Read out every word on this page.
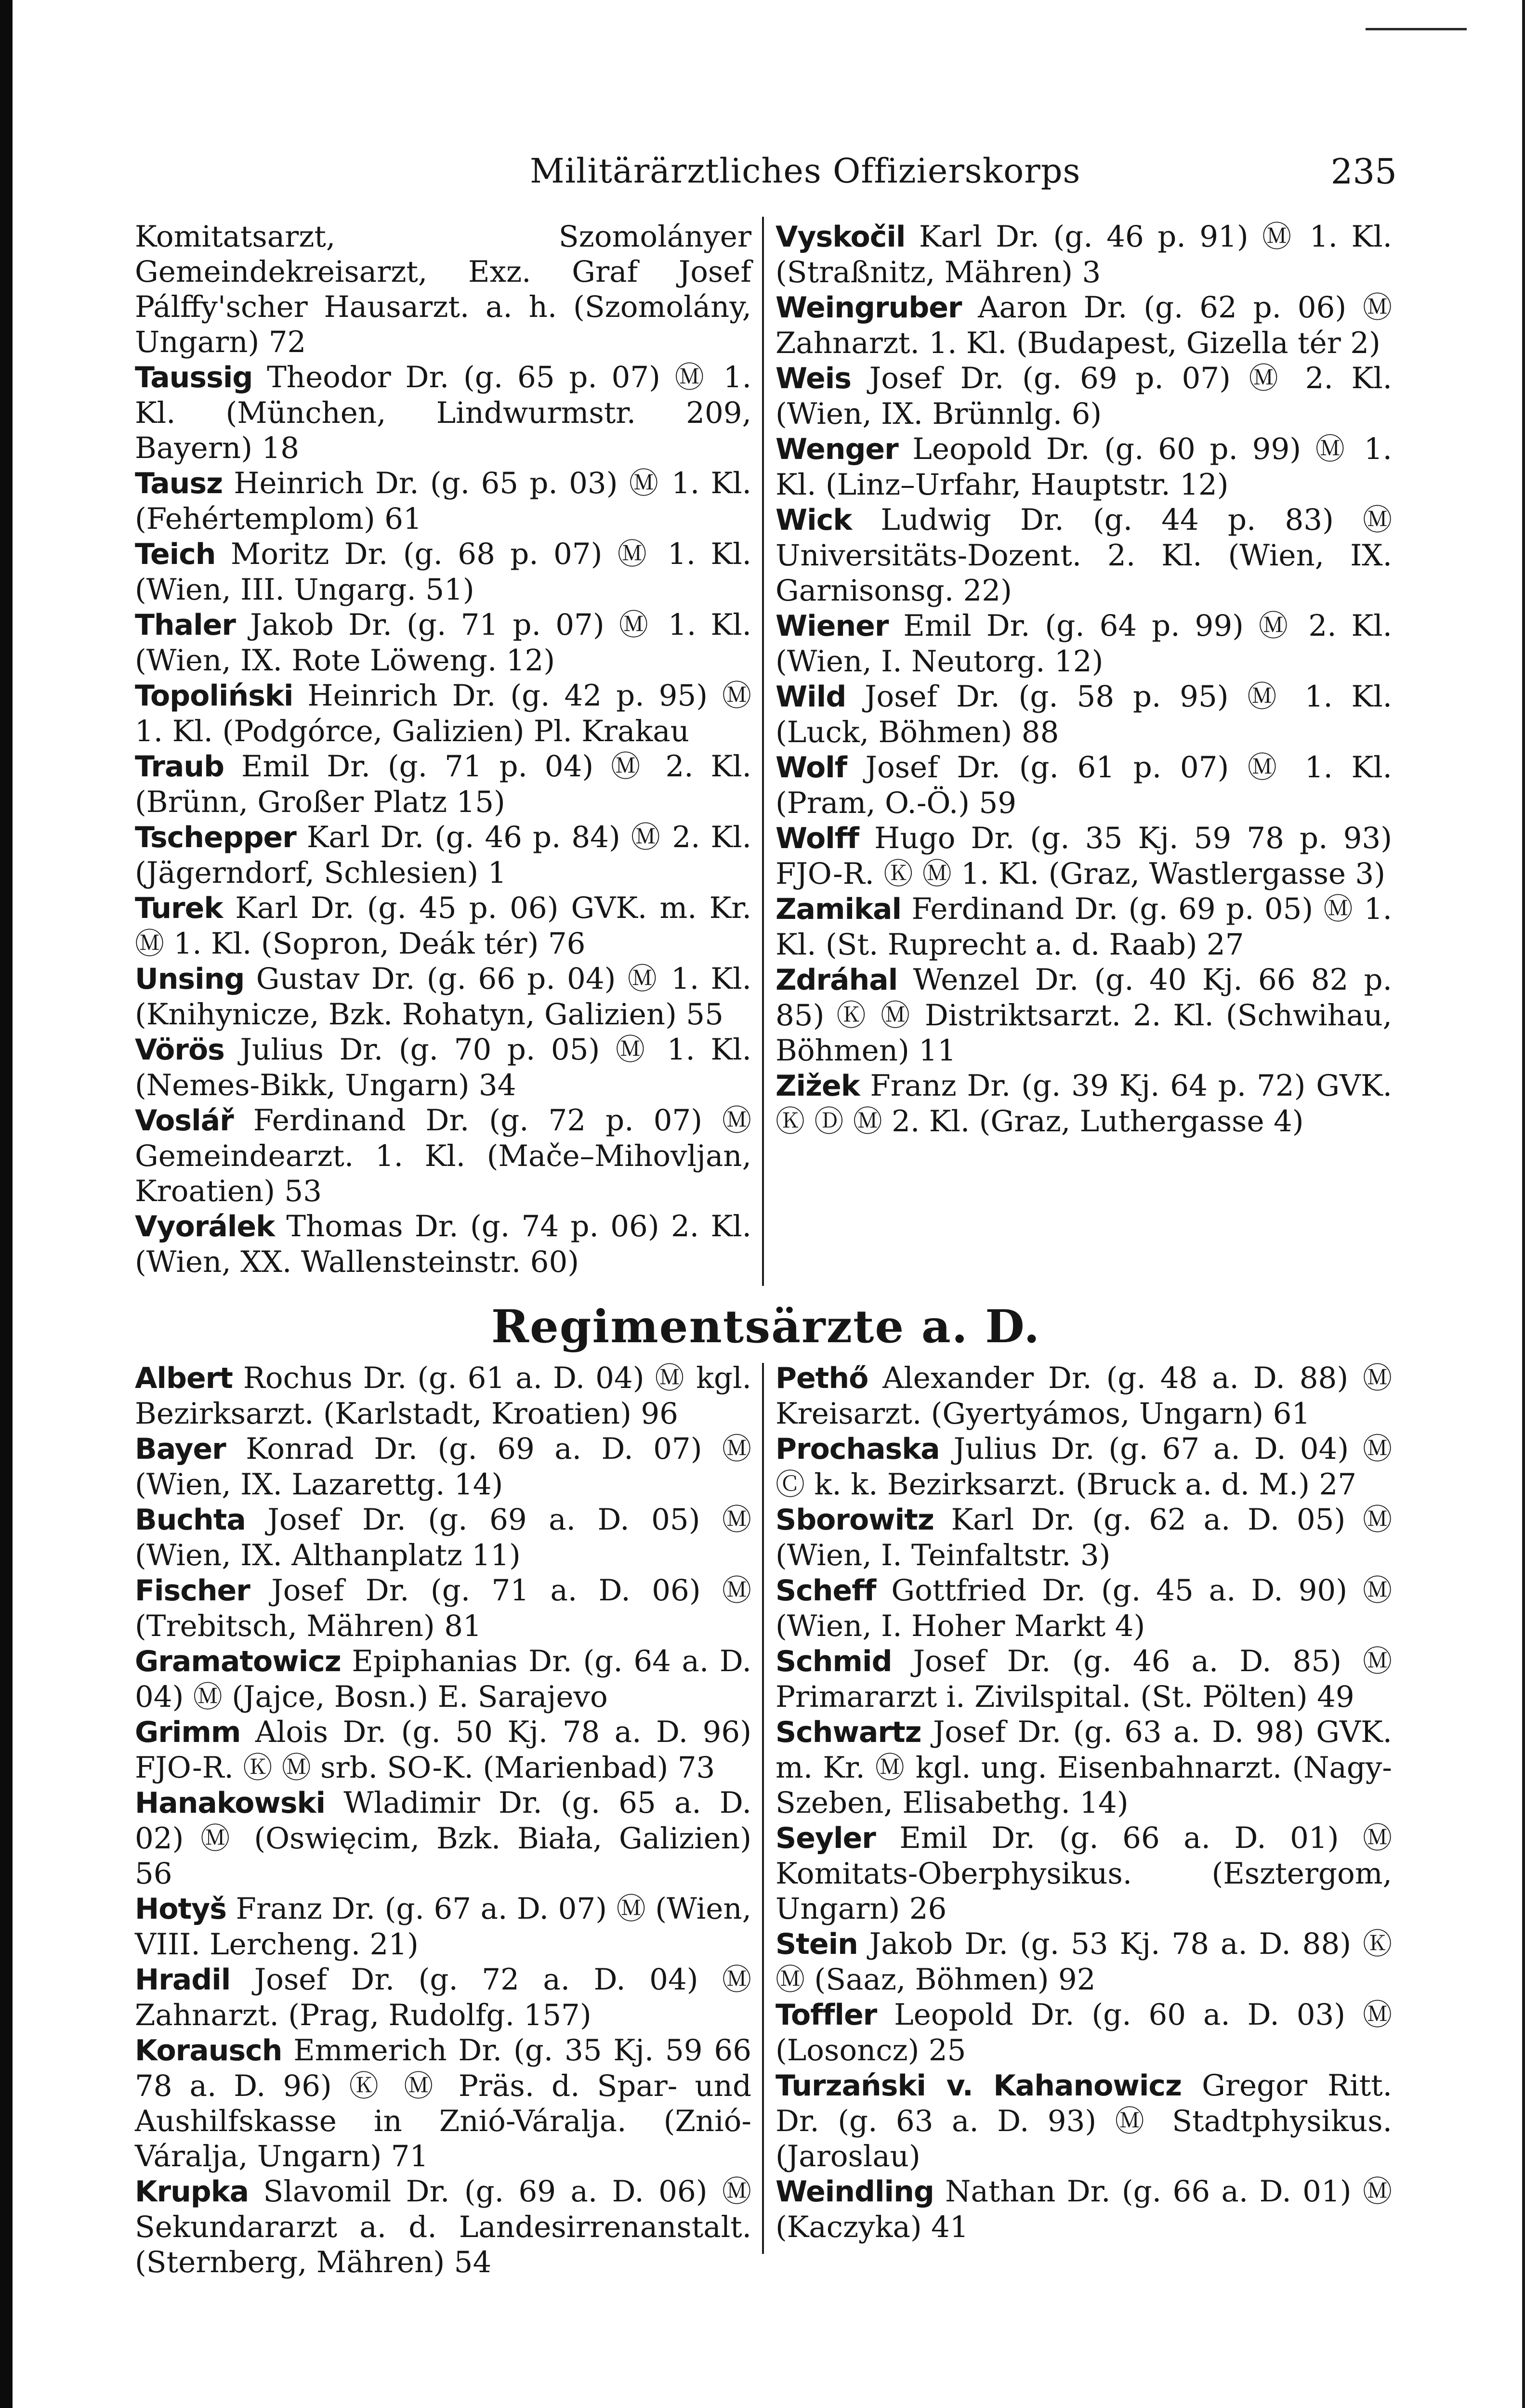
Militärärztliches Offizierskorps	235

Komitatsarzt, Szomolányer Gemeindekreisarzt, Exz. Graf Josef Pálffy'scher Hausarzt. a. h. (Szomolány, Ungarn) 72

Taussig Theodor Dr. (g. 65 p. 07) Ⓜ 1. Kl. (München, Lindwurmstr. 209, Bayern) 18

Tausz Heinrich Dr. (g. 65 p. 03) Ⓜ 1. Kl. (Fehértemplom) 61

Teich Moritz Dr. (g. 68 p. 07) Ⓜ 1. Kl. (Wien, III. Ungarg. 51)

Thaler Jakob Dr. (g. 71 p. 07) Ⓜ 1. Kl. (Wien, IX. Rote Löweng. 12)

Topoliński Heinrich Dr. (g. 42 p. 95) Ⓜ 1. Kl. (Podgórce, Galizien) Pl. Krakau

Traub Emil Dr. (g. 71 p. 04) Ⓜ 2. Kl. (Brünn, Großer Platz 15)

Tschepper Karl Dr. (g. 46 p. 84) Ⓜ 2. Kl. (Jägerndorf, Schlesien) 1

Turek Karl Dr. (g. 45 p. 06) GVK. m. Kr. Ⓜ 1. Kl. (Sopron, Deák tér) 76

Unsing Gustav Dr. (g. 66 p. 04) Ⓜ 1. Kl. (Knihynicze, Bzk. Rohatyn, Galizien) 55

Vörös Julius Dr. (g. 70 p. 05) Ⓜ 1. Kl. (Nemes-Bikk, Ungarn) 34

Voslář Ferdinand Dr. (g. 72 p. 07) Ⓜ Gemeindearzt. 1. Kl. (Mače–Mihovljan, Kroatien) 53

Vyorálek Thomas Dr. (g. 74 p. 06) 2. Kl. (Wien, XX. Wallensteinstr. 60)

Vyskočil Karl Dr. (g. 46 p. 91) Ⓜ 1. Kl. (Straßnitz, Mähren) 3

Weingruber Aaron Dr. (g. 62 p. 06) Ⓜ Zahnarzt. 1. Kl. (Budapest, Gizella tér 2)

Weis Josef Dr. (g. 69 p. 07) Ⓜ 2. Kl. (Wien, IX. Brünnlg. 6)

Wenger Leopold Dr. (g. 60 p. 99) Ⓜ 1. Kl. (Linz–Urfahr, Hauptstr. 12)

Wick Ludwig Dr. (g. 44 p. 83) Ⓜ Universitäts-Dozent. 2. Kl. (Wien, IX. Garnisonsg. 22)

Wiener Emil Dr. (g. 64 p. 99) Ⓜ 2. Kl. (Wien, I. Neutorg. 12)

Wild Josef Dr. (g. 58 p. 95) Ⓜ 1. Kl. (Luck, Böhmen) 88

Wolf Josef Dr. (g. 61 p. 07) Ⓜ 1. Kl. (Pram, O.-Ö.) 59

Wolff Hugo Dr. (g. 35 Kj. 59 78 p. 93) FJO-R. Ⓚ Ⓜ 1. Kl. (Graz, Wastlergasse 3)

Zamikal Ferdinand Dr. (g. 69 p. 05) Ⓜ 1. Kl. (St. Ruprecht a. d. Raab) 27

Zdráhal Wenzel Dr. (g. 40 Kj. 66 82 p. 85) Ⓚ Ⓜ Distriktsarzt. 2. Kl. (Schwihau, Böhmen) 11

Zižek Franz Dr. (g. 39 Kj. 64 p. 72) GVK. Ⓚ Ⓓ Ⓜ 2. Kl. (Graz, Luthergasse 4)

Regimentsärzte a. D.

Albert Rochus Dr. (g. 61 a. D. 04) Ⓜ kgl. Bezirksarzt. (Karlstadt, Kroatien) 96

Bayer Konrad Dr. (g. 69 a. D. 07) Ⓜ (Wien, IX. Lazarettg. 14)

Buchta Josef Dr. (g. 69 a. D. 05) Ⓜ (Wien, IX. Althanplatz 11)

Fischer Josef Dr. (g. 71 a. D. 06) Ⓜ (Trebitsch, Mähren) 81

Gramatowicz Epiphanias Dr. (g. 64 a. D. 04) Ⓜ (Jajce, Bosn.) E. Sarajevo

Grimm Alois Dr. (g. 50 Kj. 78 a. D. 96) FJO-R. Ⓚ Ⓜ srb. SO-K. (Marienbad) 73

Hanakowski Wladimir Dr. (g. 65 a. D. 02) Ⓜ (Oswięcim, Bzk. Biała, Galizien) 56

Hotyš Franz Dr. (g. 67 a. D. 07) Ⓜ (Wien, VIII. Lercheng. 21)

Hradil Josef Dr. (g. 72 a. D. 04) Ⓜ Zahnarzt. (Prag, Rudolfg. 157)

Korausch Emmerich Dr. (g. 35 Kj. 59 66 78 a. D. 96) Ⓚ Ⓜ Präs. d. Spar- und Aushilfskasse in Znió-Váralja. (Znió-Váralja, Ungarn) 71

Krupka Slavomil Dr. (g. 69 a. D. 06) Ⓜ Sekundararzt a. d. Landesirrenanstalt. (Sternberg, Mähren) 54

Pethő Alexander Dr. (g. 48 a. D. 88) Ⓜ Kreisarzt. (Gyertyámos, Ungarn) 61

Prochaska Julius Dr. (g. 67 a. D. 04) Ⓜ Ⓒ k. k. Bezirksarzt. (Bruck a. d. M.) 27

Sborowitz Karl Dr. (g. 62 a. D. 05) Ⓜ (Wien, I. Teinfaltstr. 3)

Scheff Gottfried Dr. (g. 45 a. D. 90) Ⓜ (Wien, I. Hoher Markt 4)

Schmid Josef Dr. (g. 46 a. D. 85) Ⓜ Primararzt i. Zivilspital. (St. Pölten) 49

Schwartz Josef Dr. (g. 63 a. D. 98) GVK. m. Kr. Ⓜ kgl. ung. Eisenbahnarzt. (Nagy-Szeben, Elisabethg. 14)

Seyler Emil Dr. (g. 66 a. D. 01) Ⓜ Komitats-Oberphysikus. (Esztergom, Ungarn) 26

Stein Jakob Dr. (g. 53 Kj. 78 a. D. 88) Ⓚ Ⓜ (Saaz, Böhmen) 92

Toffler Leopold Dr. (g. 60 a. D. 03) Ⓜ (Losoncz) 25

Turzański v. Kahanowicz Gregor Ritt. Dr. (g. 63 a. D. 93) Ⓜ Stadtphysikus. (Jaroslau)

Weindling Nathan Dr. (g. 66 a. D. 01) Ⓜ (Kaczyka) 41
